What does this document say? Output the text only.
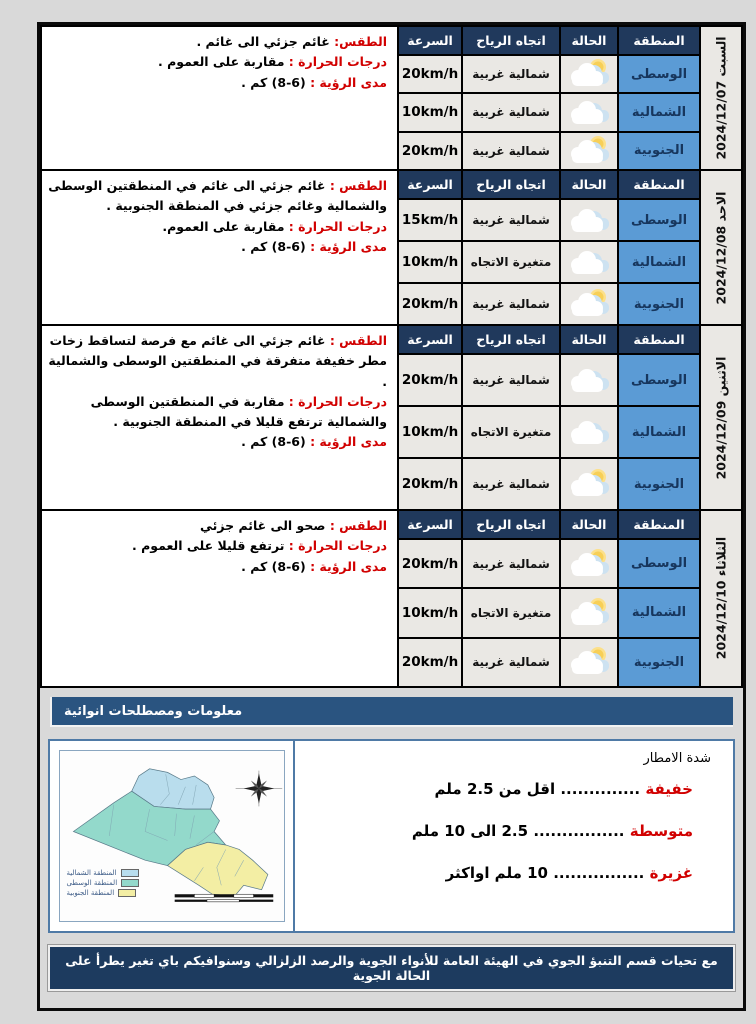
السبت 2024/12/07
المنطقة
الحالة
اتجاه الرياح
السرعة
الطقس: غائم جزئي الى غائم .
درجات الحرارة : مقاربة على العموم .
مدى الرؤية : (6-8) كم .
الوسطى
شمالية غربية
20km/h
الشمالية
شمالية غربية
10km/h
الجنوبية
شمالية غربية
20km/h
الاحد 2024/12/08
المنطقة
الحالة
اتجاه الرياح
السرعة
الطقس : غائم جزئي الى غائم في المنطقتين الوسطى والشمالية وغائم جزئي في المنطقة الجنوبية .
درجات الحرارة : مقاربة على العموم.
مدى الرؤية : (6-8) كم .
الوسطى
شمالية غربية
15km/h
الشمالية
متغيرة الاتجاه
10km/h
الجنوبية
شمالية غربية
20km/h
الاثنين 2024/12/09
المنطقة
الحالة
اتجاه الرياح
السرعة
الطقس : غائم جزئي الى غائم مع فرصة لتساقط زخات مطر خفيفة متفرقة في المنطقتين الوسطى والشمالية .
درجات الحرارة : مقاربة في المنطقتين الوسطى والشمالية ترتفع قليلا في المنطقة الجنوبية .
مدى الرؤية : (6-8) كم .
الوسطى
شمالية غربية
20km/h
الشمالية
متغيرة الاتجاه
10km/h
الجنوبية
شمالية غربية
20km/h
الثلاثاء 2024/12/10
المنطقة
الحالة
اتجاه الرياح
السرعة
الطقس : صحو الى غائم جزئي
درجات الحرارة : ترتفع قليلا على العموم .
مدى الرؤية : (6-8) كم .	الوسطى
شمالية غربية
20km/h
الشمالية
متغيرة الاتجاه
10km/h
الجنوبية
شمالية غربية
20km/h
معلومات ومصطلحات انوائية
شدة الامطار
خفيفة .............. اقل من 2.5 ملم
متوسطة ................ 2.5 الى 10 ملم
غزيرة ................ 10 ملم اواكثر
المنطقة الشمالية
المنطقة الوسطى
المنطقة الجنوبية
مع تحيات قسم التنبؤ الجوي في الهيئة العامة للأنواء الجوية والرصد الزلزالي وسنوافيكم باي تغير يطرأ على الحالة الجوية
